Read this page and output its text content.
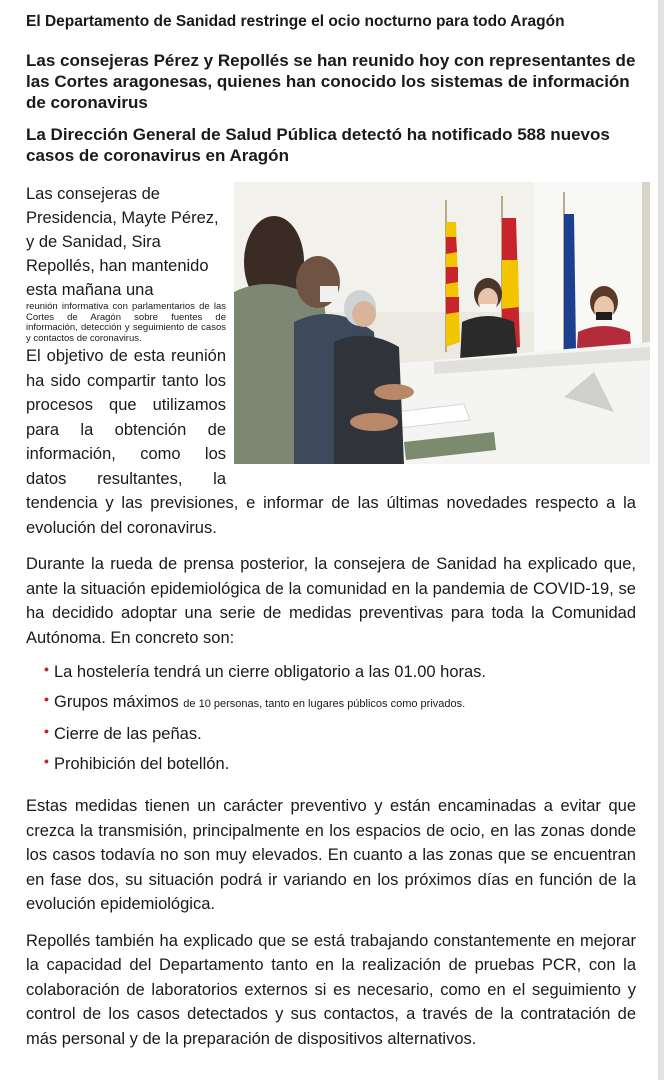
El Departamento de Sanidad restringe el ocio nocturno para todo Aragón
Las consejeras Pérez y Repollés se han reunido hoy con representantes de las Cortes aragonesas, quienes han conocido los sistemas de información de coronavirus
La Dirección General de Salud Pública detectó ha notificado 588 nuevos casos de coronavirus en Aragón
Las consejeras de Presidencia, Mayte Pérez, y de Sanidad, Sira Repollés, han mantenido esta mañana una
reunión informativa con parlamentarios de las Cortes de Aragón sobre fuentes de información, detección y seguimiento de casos y contactos de coronavirus.
El objetivo de esta reunión ha sido compartir tanto los procesos que utilizamos para la obtención de información, como los datos resultantes, la tendencia y las previsiones, e informar de las últimas novedades respecto a la evolución del coronavirus.

Durante la rueda de prensa posterior, la consejera de Sanidad ha explicado que, ante la situación epidemiológica de la comunidad en la pandemia de COVID-19, se ha decidido adoptar una serie de medidas preventivas para toda la Comunidad Autónoma. En concreto son:

• La hostelería tendrá un cierre obligatorio a las 01.00 horas.
• Grupos máximos de 10 personas, tanto en lugares públicos como privados.
• Cierre de las peñas.
• Prohibición del botellón.

Estas medidas tienen un carácter preventivo y están encaminadas a evitar que crezca la transmisión, principalmente en los espacios de ocio, en las zonas donde los casos todavía no son muy elevados. En cuanto a las zonas que se encuentran en fase dos, su situación podrá ir variando en los próximos días en función de la evolución epidemiológica.

Repollés también ha explicado que se está trabajando constantemente en mejorar la capacidad del Departamento tanto en la realización de pruebas PCR, con la colaboración de laboratorios externos si es necesario, como en el seguimiento y control de los casos detectados y sus contactos, a través de la contratación de más personal y de la preparación de dispositivos alternativos.
